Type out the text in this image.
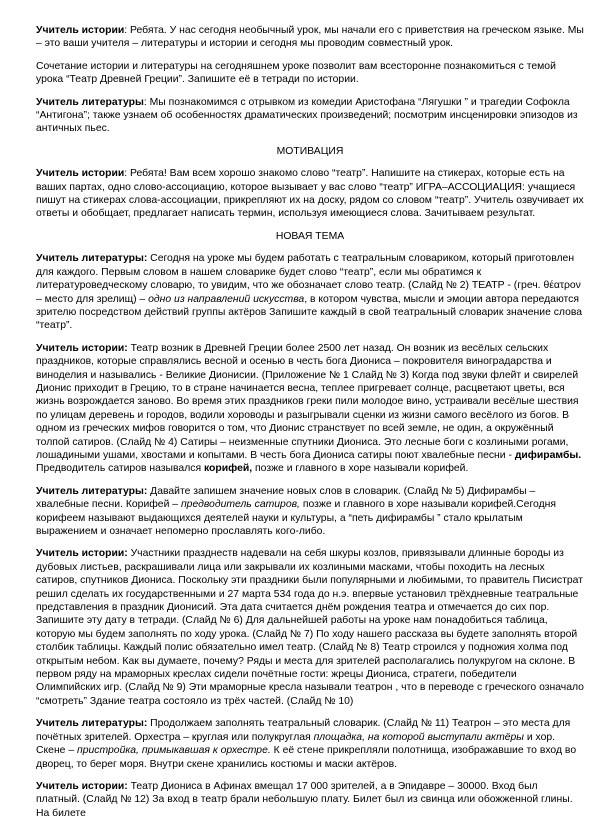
Учитель истории: Ребята. У нас сегодня необычный урок, мы начали его с приветствия на греческом языке. Мы – это ваши учителя – литературы и истории и сегодня мы проводим совместный урок.

Сочетание истории и литературы на сегодняшнем уроке позволит вам всесторонне познакомиться с темой урока “Театр Древней Греции”. Запишите её в тетради по истории.

Учитель литературы: Мы познакомимся с отрывком из комедии Аристофана “Лягушки ” и трагедии Софокла “Антигона”; также узнаем об особенностях драматических произведений; посмотрим инсценировки эпизодов из античных пьес.

МОТИВАЦИЯ

Учитель истории: Ребята! Вам всем хорошо знакомо слово “театр”. Напишите на стикерах, которые есть на ваших партах, одно слово-ассоциацию, которое вызывает у вас слово “театр” ИГРА–АССОЦИАЦИЯ: учащиеся пишут на стикерах слова-ассоциации, прикрепляют их на доску, рядом со словом “театр”. Учитель озвучивает их ответы и обобщает, предлагает написать термин, используя имеющиеся слова. Зачитываем результат.

НОВАЯ ТЕМА

Учитель литературы: Сегодня на уроке мы будем работать с театральным словариком, который приготовлен для каждого. Первым словом в нашем словарике будет слово “театр”, если мы обратимся к литературоведческому словарю, то увидим, что же обозначает слово театр. (Слайд № 2) ТЕАТР - (греч. θέατρον – место для зрелищ) – одно из направлений искусства, в котором чувства, мысли и эмоции автора передаются зрителю посредством действий группы актёров Запишите каждый в свой театральный словарик значение слова “театр”.

Учитель истории: Театр возник в Древней Греции более 2500 лет назад. Он возник из весёлых сельских праздников, которые справлялись весной и осенью в честь бога Диониса – покровителя виноградарства и виноделия и назывались - Великие Дионисии. (Приложение № 1 Слайд № 3) Когда под звуки флейт и свирелей Дионис приходит в Грецию, то в стране начинается весна, теплее пригревает солнце, расцветают цветы, вся жизнь возрождается заново. Во время этих праздников греки пили молодое вино, устраивали весёлые шествия по улицам деревень и городов, водили хороводы и разыгрывали сценки из жизни самого весёлого из богов. В одном из греческих мифов говорится о том, что Дионис странствует по всей земле, не один, а окружённый толпой сатиров. (Слайд № 4) Сатиры – неизменные спутники Диониса. Это лесные боги с козлиными рогами, лошадиными ушами, хвостами и копытами. В честь бога Диониса сатиры поют хвалебные песни - дифирамбы. Предводитель сатиров назывался корифей, позже и главного в хоре называли корифей.

Учитель литературы: Давайте запишем значение новых слов в словарик. (Слайд № 5) Дифирамбы – хвалебные песни. Корифей – предводитель сатиров, позже и главного в хоре называли корифей.Сегодня корифеем называют выдающихся деятелей науки и культуры, а “петь дифирамбы ” стало крылатым выражением и означает непомерно прославлять кого-либо.

Учитель истории: Участники празднеств надевали на себя шкуры козлов, привязывали длинные бороды из дубовых листьев, раскрашивали лица или закрывали их козлиными масками, чтобы походить на лесных сатиров, спутников Диониса. Поскольку эти праздники были популярными и любимыми, то правитель Писистрат решил сделать их государственными и 27 марта 534 года до н.э. впервые установил трёхдневные театральные представления в праздник Дионисий. Эта дата считается днём рождения театра и отмечается до сих пор. Запишите эту дату в тетради. (Слайд № 6) Для дальнейшей работы на уроке нам понадобиться таблица, которую мы будем заполнять по ходу урока. (Слайд № 7) По ходу нашего рассказа вы будете заполнять второй столбик таблицы. Каждый полис обязательно имел театр. (Слайд № 8) Театр строился у подножия холма под открытым небом. Как вы думаете, почему? Ряды и места для зрителей располагались полукругом на склоне. В первом ряду на мраморных креслах сидели почётные гости: жрецы Диониса, стратеги, победители Олимпийских игр. (Слайд № 9) Эти мраморные кресла называли театрон , что в переводе с греческого означало “смотреть” Здание театра состояло из трёх частей. (Слайд № 10)

Учитель литературы: Продолжаем заполнять театральный словарик. (Слайд № 11) Театрон – это места для почётных зрителей. Орхестра – круглая или полукруглая площадка, на которой выступали актёры и хор. Скене – пристройка, примыкавшая к орхестре. К её стене прикрепляли полотнища, изображавшие то вход во дворец, то берег моря. Внутри скене хранились костюмы и маски актёров.

Учитель истории: Театр Диониса в Афинах вмещал 17 000 зрителей, а в Эпидавре – 30000. Вход был платный. (Слайд № 12) За вход в театр брали небольшую плату. Билет был из свинца или обожженной глины. На билете
